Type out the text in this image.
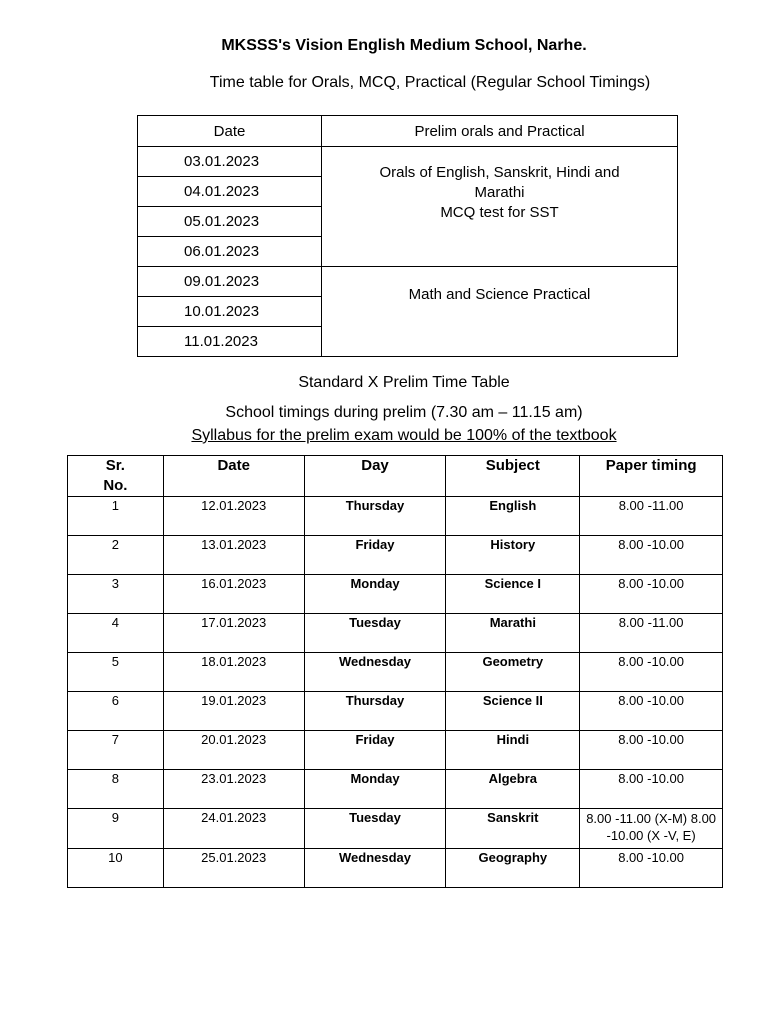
MKSSS's Vision English Medium School, Narhe.
Time table for Orals, MCQ, Practical (Regular School Timings)
Date	Prelim orals and Practical
03.01.2023	Orals of English, Sanskrit, Hindi and
Marathi
MCQ test for SST

04.01.2023	
05.01.2023	
06.01.2023	
09.01.2023	Math and Science Practical

10.01.2023	
11.01.2023	
Standard X Prelim Time Table
School timings during prelim (7.30 am – 11.15 am)
Syllabus for the prelim exam would be 100% of the textbook
Sr.
No.	Date	Day	Subject	Paper timing
1	12.01.2023	Thursday	English	8.00 -11.00
2	13.01.2023	Friday	History	8.00 -10.00
3	16.01.2023	Monday	Science I	8.00 -10.00
4	17.01.2023	Tuesday	Marathi	8.00 -11.00
5	18.01.2023	Wednesday	Geometry	8.00 -10.00
6	19.01.2023	Thursday	Science II	8.00 -10.00
7	20.01.2023	Friday	Hindi	8.00 -10.00
8	23.01.2023	Monday	Algebra	8.00 -10.00
9	24.01.2023	Tuesday	Sanskrit	8.00 -11.00 (X-M) 8.00 -10.00 (X -V, E)
10	25.01.2023	Wednesday	Geography	8.00 -10.00
